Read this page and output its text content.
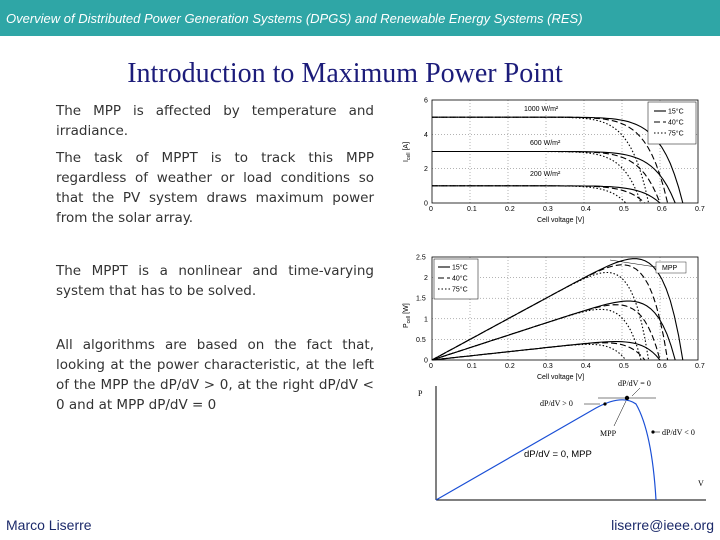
Overview of Distributed Power Generation Systems (DPGS) and Renewable Energy Systems (RES)
Introduction to Maximum Power Point

The MPP is affected by temperature and irradiance.

The task of MPPT is to track this MPP regardless of weather or load conditions so that the PV system draws maximum power from the solar array.

The MPPT is a nonlinear and time-varying system that has to be solved.

All algorithms are based on the fact that, looking at the power characteristic, at the left of the MPP the dP/dV > 0, at the right dP/dV < 0 and at MPP dP/dV = 0

0	0.1	0.2	0.3	0.4	0.5	0.6	0.7
0
2
4
6
$I_{cell}[A]$
Cell voltage [V]
1000 W/m²
600 W/m²
200 W/m²
15°C
40°C
75°C
0	0.1	0.2	0.3	0.4	0.5	0.6	0.7
0
0.5
1
1.5
2
2.5
$P_{cell}[W]$
Cell voltage [V]
15°C
40°C
75°C
MPP
P
V
dP/dV > 0
dP/dV = 0
dP/dV < 0
MPP
dP/dV = 0, MPP
Marco Liserre	liserre@ieee.org
